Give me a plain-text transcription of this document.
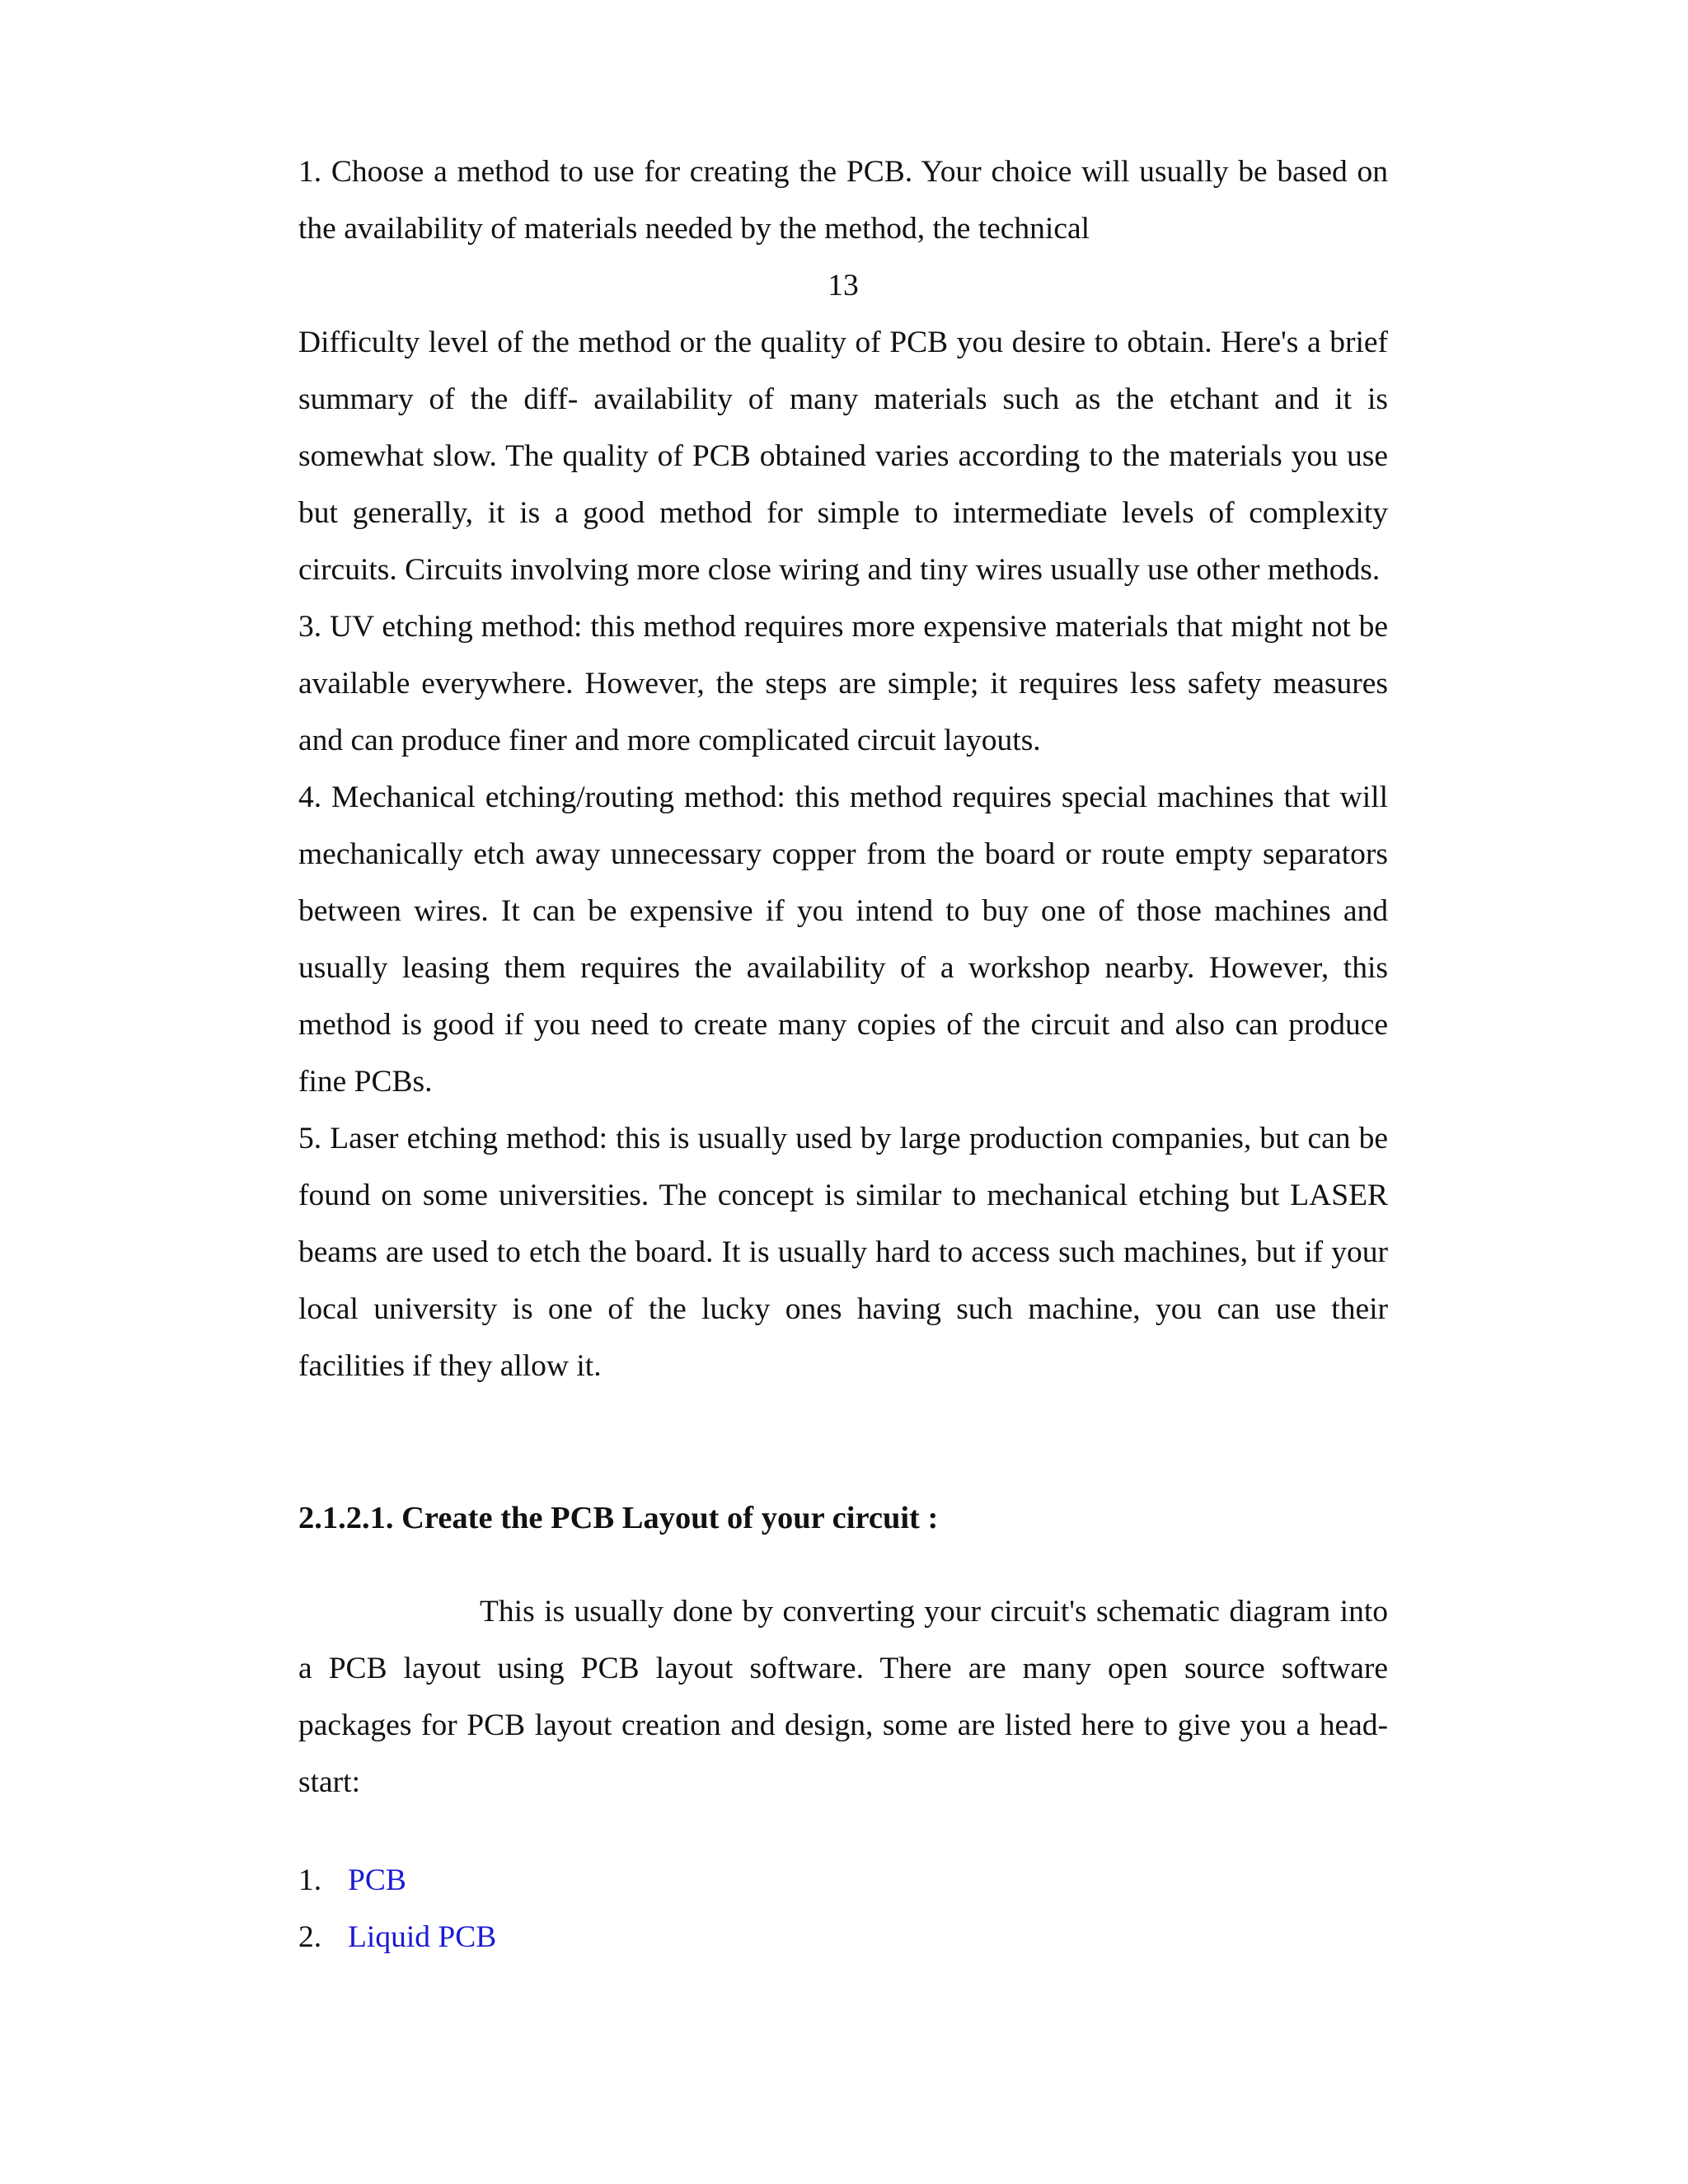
1. Choose a method to use for creating the PCB. Your choice will usually be based on the availability of materials needed by the method, the technical

13

Difficulty level of the method or the quality of PCB you desire to obtain. Here's a brief summary of the diff- availability of many materials such as the etchant and it is somewhat slow. The quality of PCB obtained varies according to the materials you use but generally, it is a good method for simple to intermediate levels of complexity circuits. Circuits involving more close wiring and tiny wires usually use other methods.

3. UV etching method: this method requires more expensive materials that might not be available everywhere. However, the steps are simple; it requires less safety measures and can produce finer and more complicated circuit layouts.

4. Mechanical etching/routing method: this method requires special machines that will mechanically etch away unnecessary copper from the board or route empty separators between wires. It can be expensive if you intend to buy one of those machines and usually leasing them requires the availability of a workshop nearby. However, this method is good if you need to create many copies of the circuit and also can produce fine PCBs.

5. Laser etching method: this is usually used by large production companies, but can be found on some universities. The concept is similar to mechanical etching but LASER beams are used to etch the board. It is usually hard to access such machines, but if your local university is one of the lucky ones having such machine, you can use their facilities if they allow it.

2.1.2.1. Create the PCB Layout of your circuit :

This is usually done by converting your circuit's schematic diagram into a PCB layout using PCB layout software. There are many open source software packages for PCB layout creation and design, some are listed here to give you a head-start:

1. PCB
2. Liquid PCB
